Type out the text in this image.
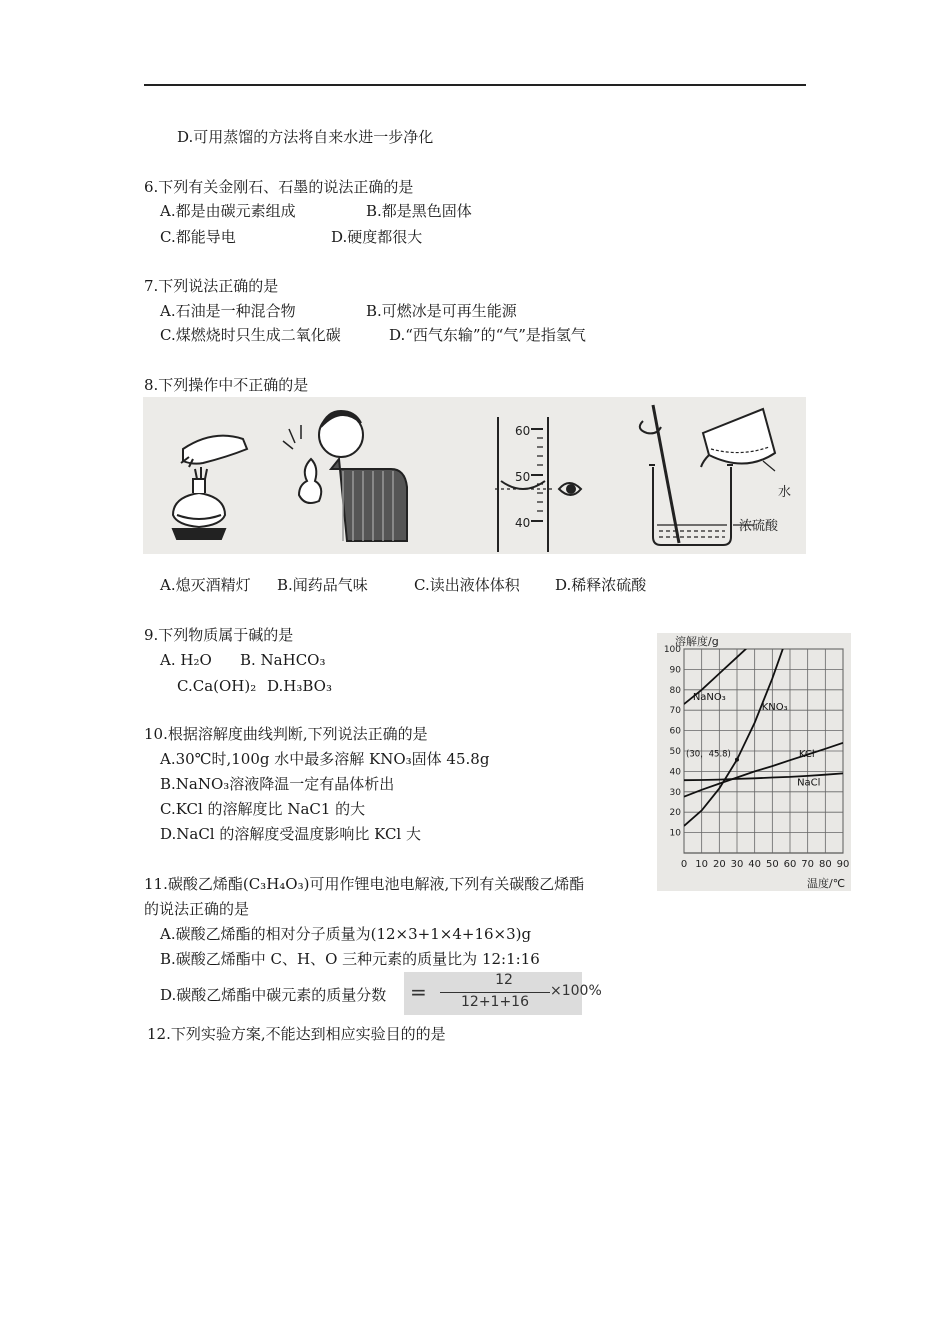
D.可用蒸馏的方法将自来水进一步净化
6.下列有关金刚石、石墨的说法正确的是
A.都是由碳元素组成	B.都是黑色固体
C.都能导电	D.硬度都很大
7.下列说法正确的是
A.石油是一种混合物	B.可燃冰是可再生能源
C.煤燃烧时只生成二氧化碳	D.“西气东输”的“气”是指氢气
8.下列操作中不正确的是
60
50
40
水
浓硫酸
A.熄灭酒精灯 B.闻药品气味	C.读出液体体积 D.稀释浓硫酸
9.下列物质属于碱的是
A. H₂O B. NaHCO₃
C.Ca(OH)₂ D.H₃BO₃
10.根据溶解度曲线判断,下列说法正确的是
A.30℃时,100g 水中最多溶解 KNO₃固体 45.8g
B.NaNO₃溶液降温一定有晶体析出
C.KCl 的溶解度比 NaC1 的大
D.NaCl 的溶解度受温度影响比 KCl 大
溶解度/g
温度/℃
0 10 20 30 40 50 60 70 80 90
10
20
30
40
50
60
70
80
90
100
NaNO₃
KNO₃
KCl
NaCl
(30，45.8)
11.碳酸乙烯酯(C₃H₄O₃)可用作锂电池电解液,下列有关碳酸乙烯酯
的说法正确的是
A.碳酸乙烯酯的相对分子质量为(12×3+1×4+16×3)g
B.碳酸乙烯酯中 C、H、O 三种元素的质量比为 12:1:16
D.碳酸乙烯酯中碳元素的质量分数 =	12
12+1+16
×100%
12.下列实验方案,不能达到相应实验目的的是
